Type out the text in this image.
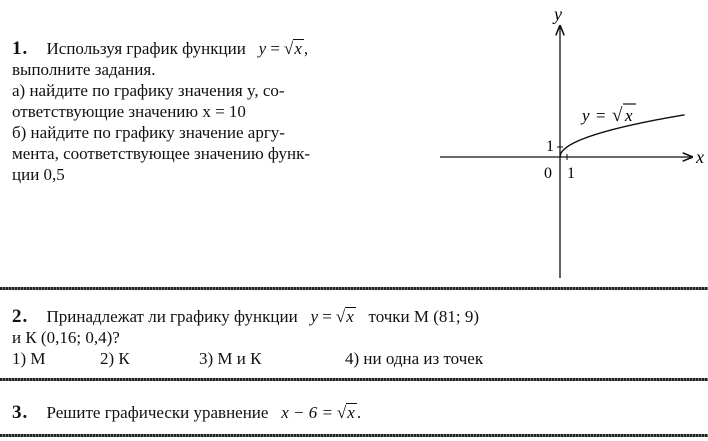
1. Используя график функции y = √x ,
выполните задания.
а) найдите по графику значения y, со-
ответствующие значению x = 10
б) найдите по графику значение аргу-
мента, соответствующее значению функ-
ции 0,5
y
x
0 1
1
y = √ x
2. Принадлежат ли графику функции y = √x точки М (81; 9)
и К (0,16; 0,4)?
1) М	2) К	3) М и К	4) ни одна из точек
3. Решите графически уравнение x − 6 = √x .
